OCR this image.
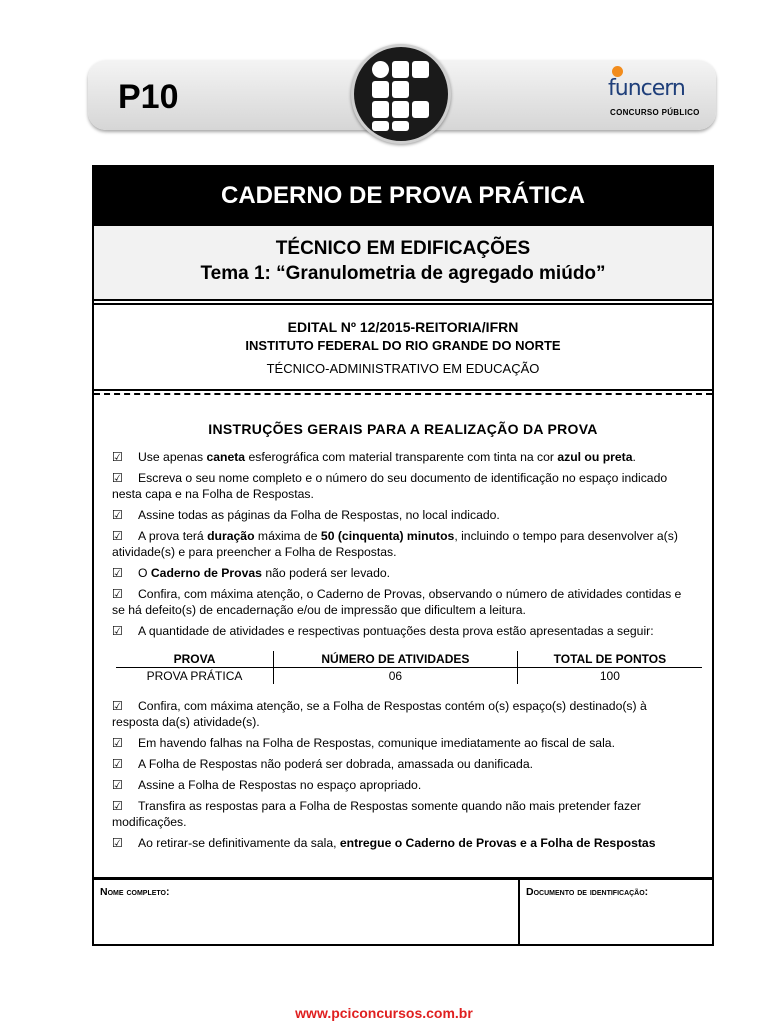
P10	funcern
CONCURSO PÚBLICO
CADERNO DE PROVA PRÁTICA
TÉCNICO EM EDIFICAÇÕES
Tema 1: “Granulometria de agregado miúdo”
EDITAL Nº 12/2015-REITORIA/IFRN
INSTITUTO FEDERAL DO RIO GRANDE DO NORTE
TÉCNICO-ADMINISTRATIVO EM EDUCAÇÃO
INSTRUÇÕES GERAIS PARA A REALIZAÇÃO DA PROVA
☑ Use apenas caneta esferográfica com material transparente com tinta na cor azul ou preta.
☑ Escreva o seu nome completo e o número do seu documento de identificação no espaço indicado nesta capa e na Folha de Respostas.
☑ Assine todas as páginas da Folha de Respostas, no local indicado.
☑ A prova terá duração máxima de 50 (cinquenta) minutos, incluindo o tempo para desenvolver a(s) atividade(s) e para preencher a Folha de Respostas.
☑ O Caderno de Provas não poderá ser levado.
☑ Confira, com máxima atenção, o Caderno de Provas, observando o número de atividades contidas e se há defeito(s) de encadernação e/ou de impressão que dificultem a leitura.
☑ A quantidade de atividades e respectivas pontuações desta prova estão apresentadas a seguir:
PROVA	NÚMERO DE ATIVIDADES	TOTAL DE PONTOS
PROVA PRÁTICA	06	100
☑ Confira, com máxima atenção, se a Folha de Respostas contém o(s) espaço(s) destinado(s) à resposta da(s) atividade(s).
☑ Em havendo falhas na Folha de Respostas, comunique imediatamente ao fiscal de sala.
☑ A Folha de Respostas não poderá ser dobrada, amassada ou danificada.
☑ Assine a Folha de Respostas no espaço apropriado.
☑ Transfira as respostas para a Folha de Respostas somente quando não mais pretender fazer modificações.
☑ Ao retirar-se definitivamente da sala, entregue o Caderno de Provas e a Folha de Respostas
Nome completo:	Documento de identificação:
www.pciconcursos.com.br
